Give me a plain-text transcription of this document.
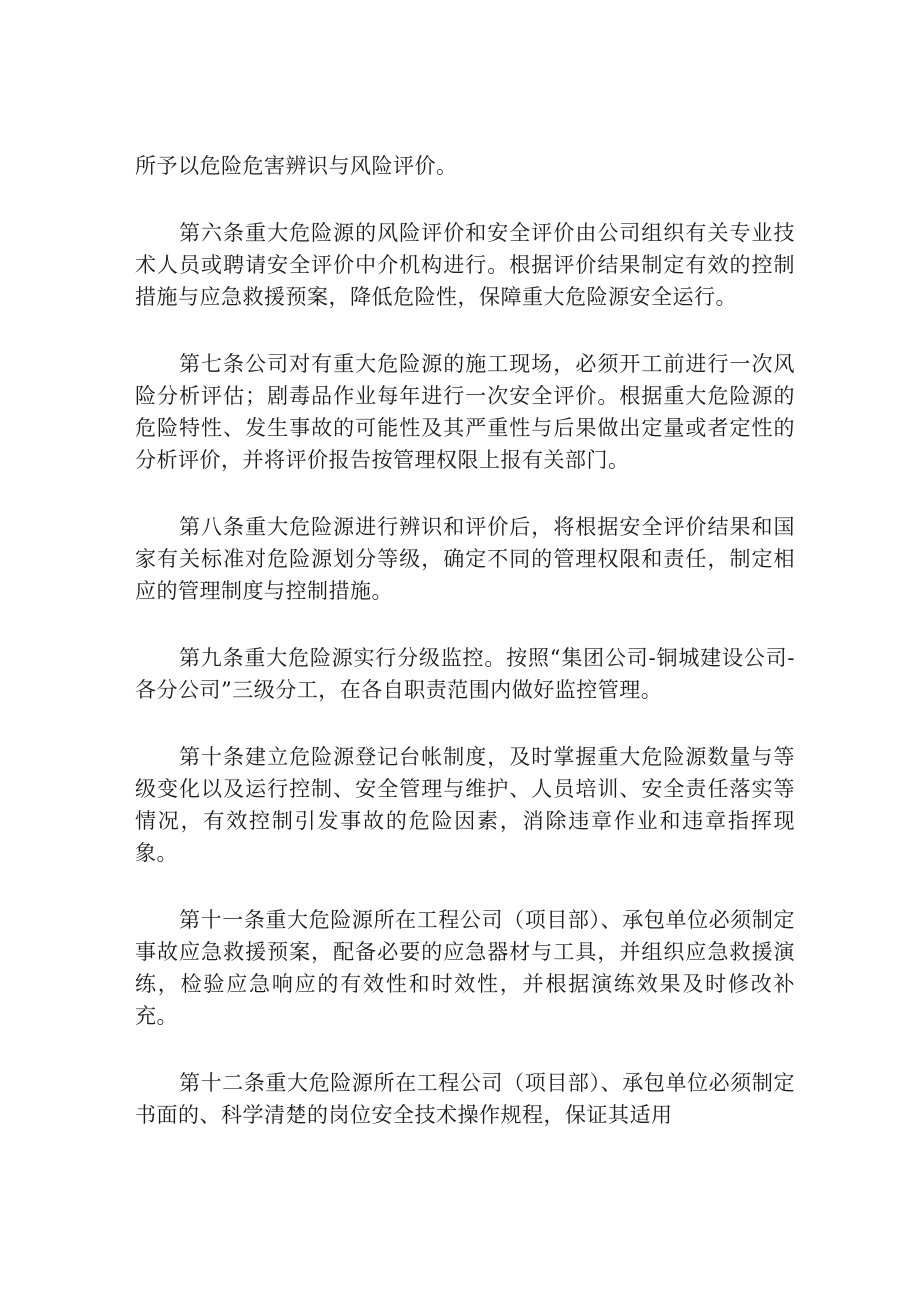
所予以危险危害辨识与风险评价。

第六条重大危险源的风险评价和安全评价由公司组织有关专业技术人员或聘请安全评价中介机构进行。根据评价结果制定有效的控制措施与应急救援预案，降低危险性，保障重大危险源安全运行。

第七条公司对有重大危险源的施工现场，必须开工前进行一次风险分析评估；剧毒品作业每年进行一次安全评价。根据重大危险源的危险特性、发生事故的可能性及其严重性与后果做出定量或者定性的分析评价，并将评价报告按管理权限上报有关部门。

第八条重大危险源进行辨识和评价后，将根据安全评价结果和国家有关标准对危险源划分等级，确定不同的管理权限和责任，制定相应的管理制度与控制措施。

第九条重大危险源实行分级监控。按照“集团公司-铜城建设公司-各分公司”三级分工，在各自职责范围内做好监控管理。

第十条建立危险源登记台帐制度，及时掌握重大危险源数量与等级变化以及运行控制、安全管理与维护、人员培训、安全责任落实等情况，有效控制引发事故的危险因素，消除违章作业和违章指挥现象。

第十一条重大危险源所在工程公司（项目部）、承包单位必须制定事故应急救援预案，配备必要的应急器材与工具，并组织应急救援演练，检验应急响应的有效性和时效性，并根据演练效果及时修改补充。

第十二条重大危险源所在工程公司（项目部）、承包单位必须制定书面的、科学清楚的岗位安全技术操作规程，保证其适用
